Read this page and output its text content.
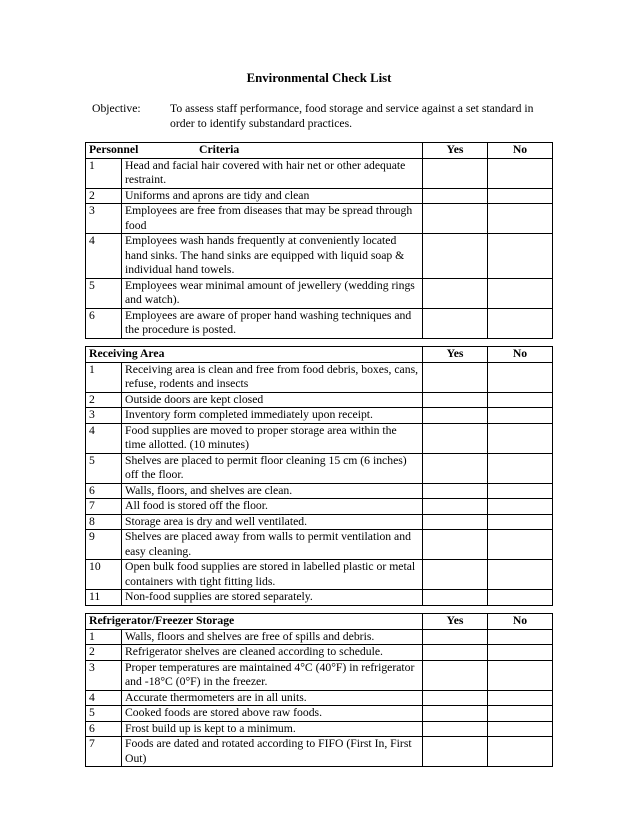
Environmental Check List
Objective:	To assess staff performance, food storage and service against a set standard in order to identify substandard practices.
Personnel Criteria		Yes	No
1	Head and facial hair covered with hair net or other adequate restraint.		
2	Uniforms and aprons are tidy and clean		
3	Employees are free from diseases that may be spread through food		
4	Employees wash hands frequently at conveniently located hand sinks. The hand sinks are equipped with liquid soap & individual hand towels.		
5	Employees wear minimal amount of jewellery (wedding rings and watch).		
6	Employees are aware of proper hand washing techniques and the procedure is posted.		
Receiving Area		Yes	No
1	Receiving area is clean and free from food debris, boxes, cans, refuse, rodents and insects		
2	Outside doors are kept closed		
3	Inventory form completed immediately upon receipt.		
4	Food supplies are moved to proper storage area within the time allotted. (10 minutes)		
5	Shelves are placed to permit floor cleaning 15 cm (6 inches) off the floor.		
6	Walls, floors, and shelves are clean.		
7	All food is stored off the floor.		
8	Storage area is dry and well ventilated.		
9	Shelves are placed away from walls to permit ventilation and easy cleaning.		
10	Open bulk food supplies are stored in labelled plastic or metal containers with tight fitting lids.		
11	Non-food supplies are stored separately.		
Refrigerator/Freezer Storage		Yes	No
1	Walls, floors and shelves are free of spills and debris.		
2	Refrigerator shelves are cleaned according to schedule.		
3	Proper temperatures are maintained 4°C (40°F) in refrigerator and -18°C (0°F) in the freezer.		
4	Accurate thermometers are in all units.		
5	Cooked foods are stored above raw foods.		
6	Frost build up is kept to a minimum.		
7	Foods are dated and rotated according to FIFO (First In, First Out)		
